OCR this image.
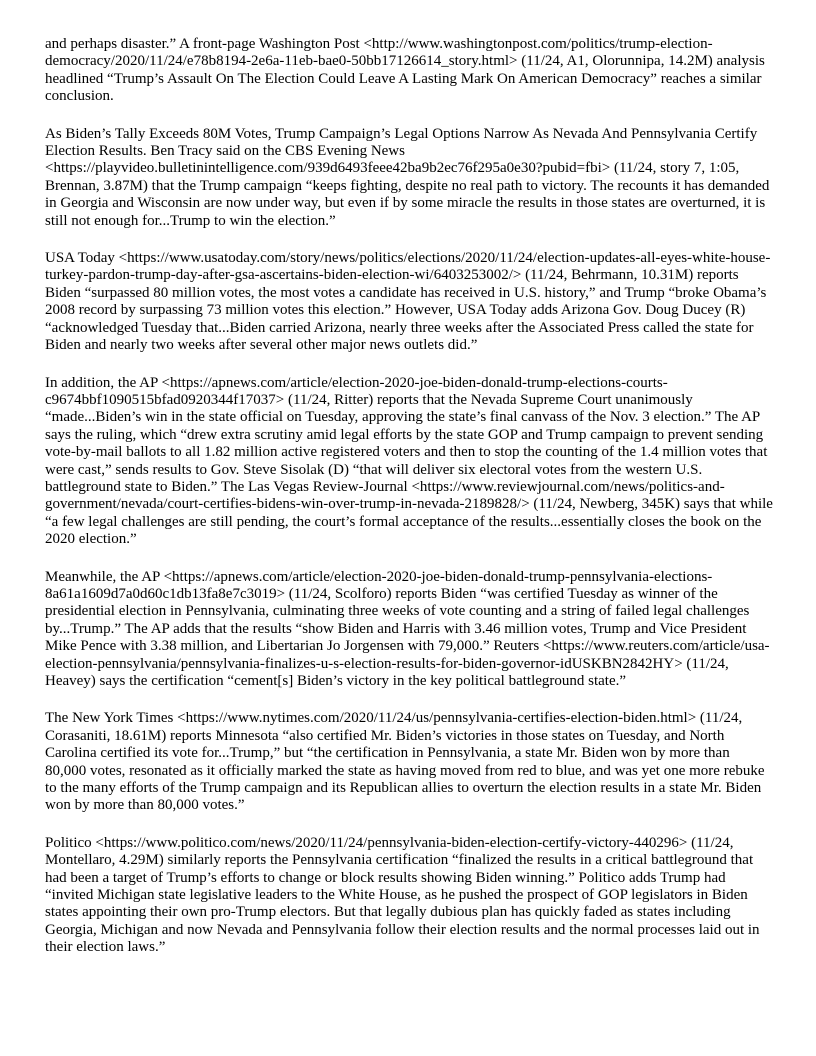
and perhaps disaster.” A front-page Washington Post <http://www.washingtonpost.com/politics/trump-election-democracy/2020/11/24/e78b8194-2e6a-11eb-bae0-50bb17126614_story.html> (11/24, A1, Olorunnipa, 14.2M) analysis headlined “Trump’s Assault On The Election Could Leave A Lasting Mark On American Democracy” reaches a similar conclusion.

As Biden’s Tally Exceeds 80M Votes, Trump Campaign’s Legal Options Narrow As Nevada And Pennsylvania Certify Election Results. Ben Tracy said on the CBS Evening News <https://playvideo.bulletinintelligence.com/939d6493feee42ba9b2ec76f295a0e30?pubid=fbi> (11/24, story 7, 1:05, Brennan, 3.87M) that the Trump campaign “keeps fighting, despite no real path to victory. The recounts it has demanded in Georgia and Wisconsin are now under way, but even if by some miracle the results in those states are overturned, it is still not enough for...Trump to win the election.”

USA Today <https://www.usatoday.com/story/news/politics/elections/2020/11/24/election-updates-all-eyes-white-house-turkey-pardon-trump-day-after-gsa-ascertains-biden-election-wi/6403253002/> (11/24, Behrmann, 10.31M) reports Biden “surpassed 80 million votes, the most votes a candidate has received in U.S. history,” and Trump “broke Obama’s 2008 record by surpassing 73 million votes this election.” However, USA Today adds Arizona Gov. Doug Ducey (R) “acknowledged Tuesday that...Biden carried Arizona, nearly three weeks after the Associated Press called the state for Biden and nearly two weeks after several other major news outlets did.”

In addition, the AP <https://apnews.com/article/election-2020-joe-biden-donald-trump-elections-courts-c9674bbf1090515bfad0920344f17037> (11/24, Ritter) reports that the Nevada Supreme Court unanimously “made...Biden’s win in the state official on Tuesday, approving the state’s final canvass of the Nov. 3 election.” The AP says the ruling, which “drew extra scrutiny amid legal efforts by the state GOP and Trump campaign to prevent sending vote-by-mail ballots to all 1.82 million active registered voters and then to stop the counting of the 1.4 million votes that were cast,” sends results to Gov. Steve Sisolak (D) “that will deliver six electoral votes from the western U.S. battleground state to Biden.” The Las Vegas Review-Journal <https://www.reviewjournal.com/news/politics-and-government/nevada/court-certifies-bidens-win-over-trump-in-nevada-2189828/> (11/24, Newberg, 345K) says that while “a few legal challenges are still pending, the court’s formal acceptance of the results...essentially closes the book on the 2020 election.”

Meanwhile, the AP <https://apnews.com/article/election-2020-joe-biden-donald-trump-pennsylvania-elections-8a61a1609d7a0d60c1db13fa8e7c3019> (11/24, Scolforo) reports Biden “was certified Tuesday as winner of the presidential election in Pennsylvania, culminating three weeks of vote counting and a string of failed legal challenges by...Trump.” The AP adds that the results “show Biden and Harris with 3.46 million votes, Trump and Vice President Mike Pence with 3.38 million, and Libertarian Jo Jorgensen with 79,000.” Reuters <https://www.reuters.com/article/usa-election-pennsylvania/pennsylvania-finalizes-u-s-election-results-for-biden-governor-idUSKBN2842HY> (11/24, Heavey) says the certification “cement[s] Biden’s victory in the key political battleground state.”

The New York Times <https://www.nytimes.com/2020/11/24/us/pennsylvania-certifies-election-biden.html> (11/24, Corasaniti, 18.61M) reports Minnesota “also certified Mr. Biden’s victories in those states on Tuesday, and North Carolina certified its vote for...Trump,” but “the certification in Pennsylvania, a state Mr. Biden won by more than 80,000 votes, resonated as it officially marked the state as having moved from red to blue, and was yet one more rebuke to the many efforts of the Trump campaign and its Republican allies to overturn the election results in a state Mr. Biden won by more than 80,000 votes.”

Politico <https://www.politico.com/news/2020/11/24/pennsylvania-biden-election-certify-victory-440296> (11/24, Montellaro, 4.29M) similarly reports the Pennsylvania certification “finalized the results in a critical battleground that had been a target of Trump’s efforts to change or block results showing Biden winning.” Politico adds Trump had “invited Michigan state legislative leaders to the White House, as he pushed the prospect of GOP legislators in Biden states appointing their own pro-Trump electors. But that legally dubious plan has quickly faded as states including Georgia, Michigan and now Nevada and Pennsylvania follow their election results and the normal processes laid out in their election laws.”
